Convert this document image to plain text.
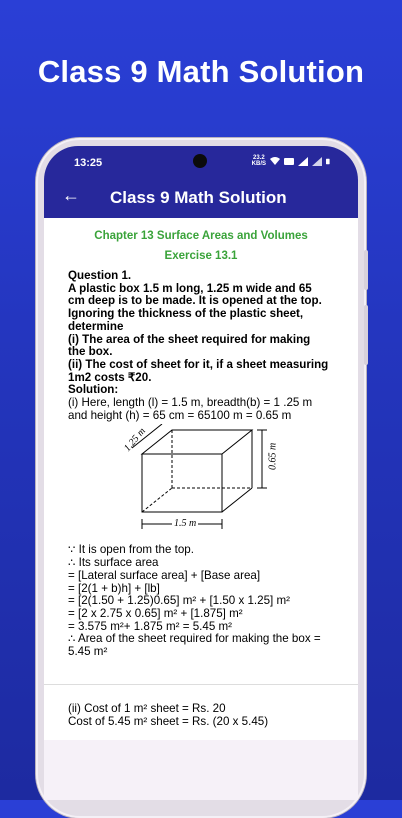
Class 9 Math Solution
13:25	23.2
KB/S
← Class 9 Math Solution
Chapter 13 Surface Areas and Volumes
Exercise 13.1
Question 1.
A plastic box 1.5 m long, 1.25 m wide and 65
cm deep is to be made. It is opened at the top.
Ignoring the thickness of the plastic sheet,
determine
(i) The area of the sheet required for making
the box.
(ii) The cost of sheet for it, if a sheet measuring
1m2 costs ₹20.
Solution:
(i) Here, length (l) = 1.5 m, breadth(b) = 1 .25 m
and height (h) = 65 cm = 65100 m = 0.65 m
1.25 m
0.65 m
1.5 m
∵ It is open from the top.
∴ Its surface area
= [Lateral surface area] + [Base area]
= [2(1 + b)h] + [lb]
= [2(1.50 + 1.25)0.65] m² + [1.50 x 1.25] m²
= [2 x 2.75 x 0.65] m² + [1.875] m²
= 3.575 m²+ 1.875 m² = 5.45 m²
∴ Area of the sheet required for making the box =
5.45 m²
(ii) Cost of 1 m² sheet = Rs. 20
Cost of 5.45 m² sheet = Rs. (20 x 5.45)
